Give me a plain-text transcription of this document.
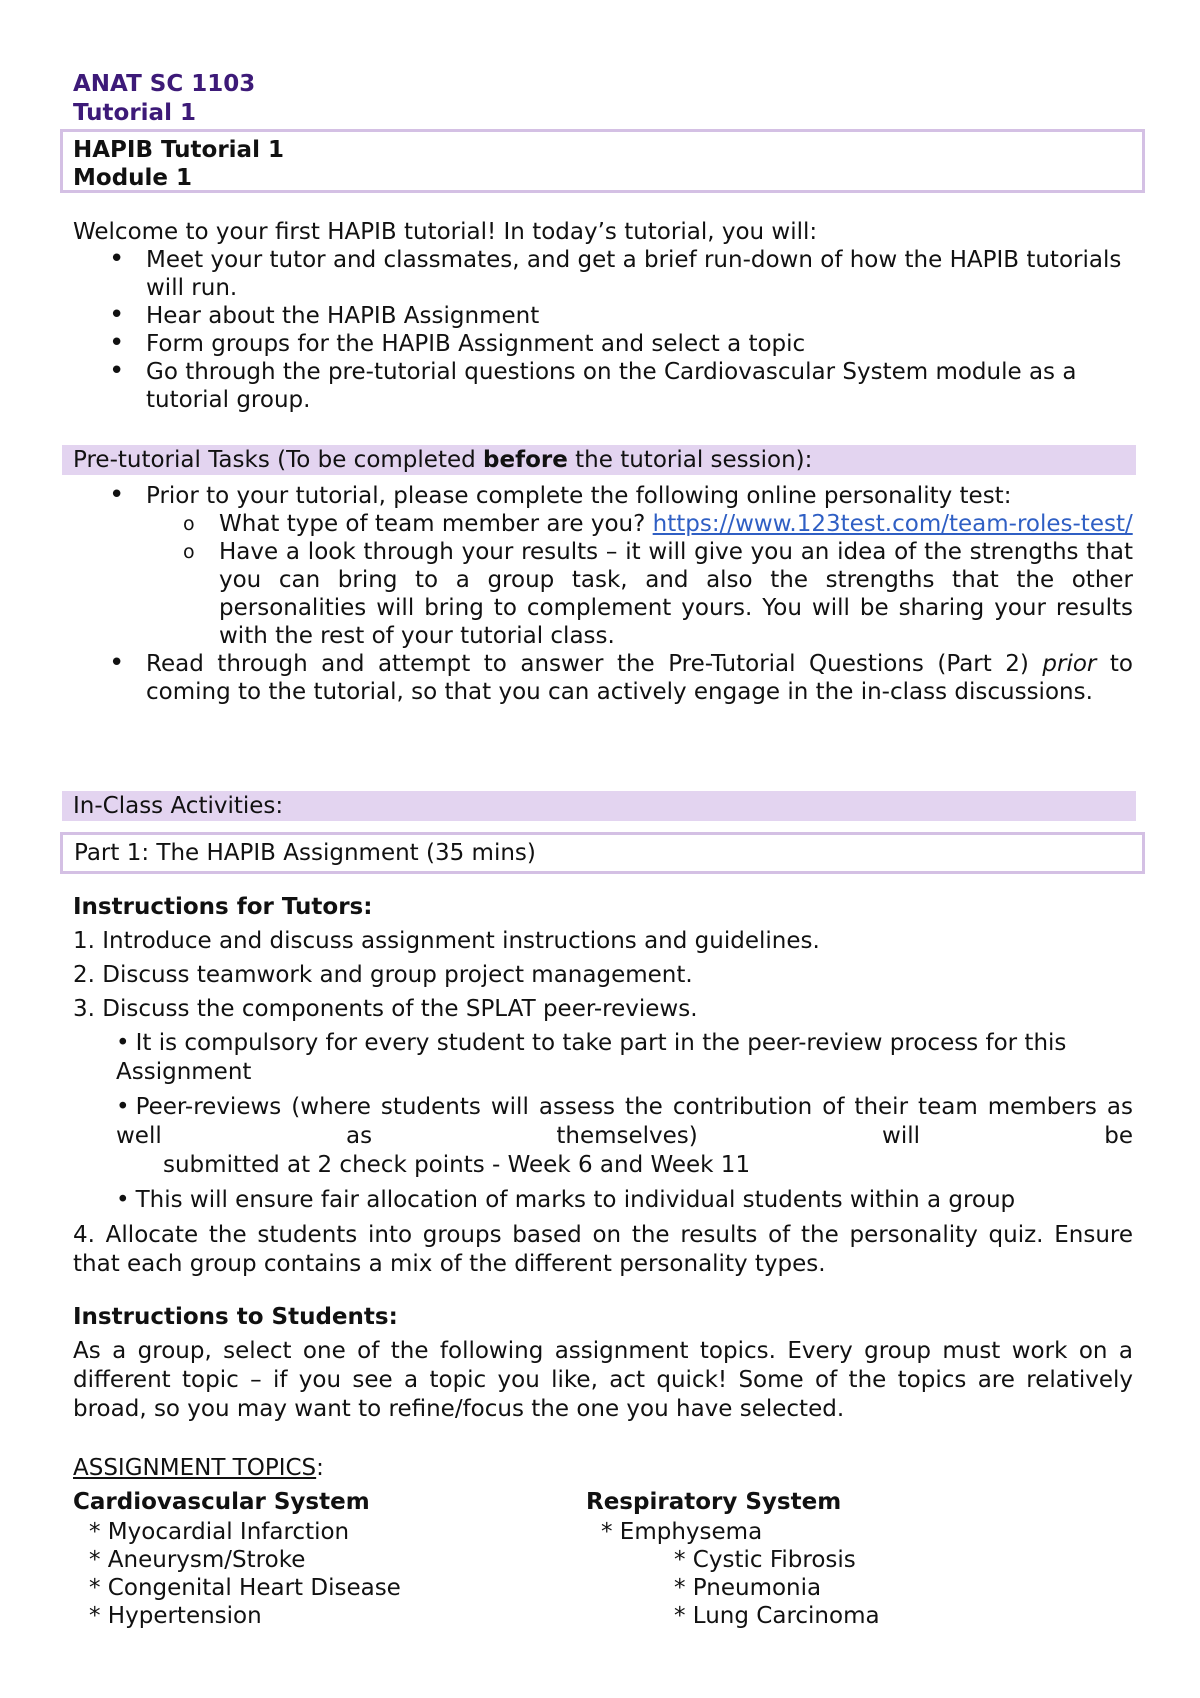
ANAT SC 1103
Tutorial 1
HAPIB Tutorial 1
Module 1
Welcome to your first HAPIB tutorial! In today’s tutorial, you will:
• Meet your tutor and classmates, and get a brief run-down of how the HAPIB tutorials will run.
• Hear about the HAPIB Assignment
• Form groups for the HAPIB Assignment and select a topic
• Go through the pre-tutorial questions on the Cardiovascular System module as a tutorial group.
Pre-tutorial Tasks (To be completed before the tutorial session):
• Prior to your tutorial, please complete the following online personality test:
o What type of team member are you? https://www.123test.com/team-roles-test/
o Have a look through your results – it will give you an idea of the strengths that you can bring to a group task, and also the strengths that the other personalities will bring to complement yours. You will be sharing your results with the rest of your tutorial class.
• Read through and attempt to answer the Pre-Tutorial Questions (Part 2) prior to coming to the tutorial, so that you can actively engage in the in-class discussions.
In-Class Activities:
Part 1: The HAPIB Assignment (35 mins)
Instructions for Tutors:
1. Introduce and discuss assignment instructions and guidelines.
2. Discuss teamwork and group project management.
3. Discuss the components of the SPLAT peer-reviews.
• It is compulsory for every student to take part in the peer-review process for this Assignment
• Peer-reviews (where students will assess the contribution of their team members as well as themselves) will be
submitted at 2 check points - Week 6 and Week 11
• This will ensure fair allocation of marks to individual students within a group
4. Allocate the students into groups based on the results of the personality quiz. Ensure that each group contains a mix of the different personality types.
Instructions to Students:
As a group, select one of the following assignment topics. Every group must work on a different topic – if you see a topic you like, act quick! Some of the topics are relatively broad, so you may want to refine/focus the one you have selected.
ASSIGNMENT TOPICS:
Cardiovascular System
* Myocardial Infarction
* Aneurysm/Stroke
* Congenital Heart Disease
* Hypertension
Respiratory System
* Emphysema
* Cystic Fibrosis
* Pneumonia
* Lung Carcinoma
